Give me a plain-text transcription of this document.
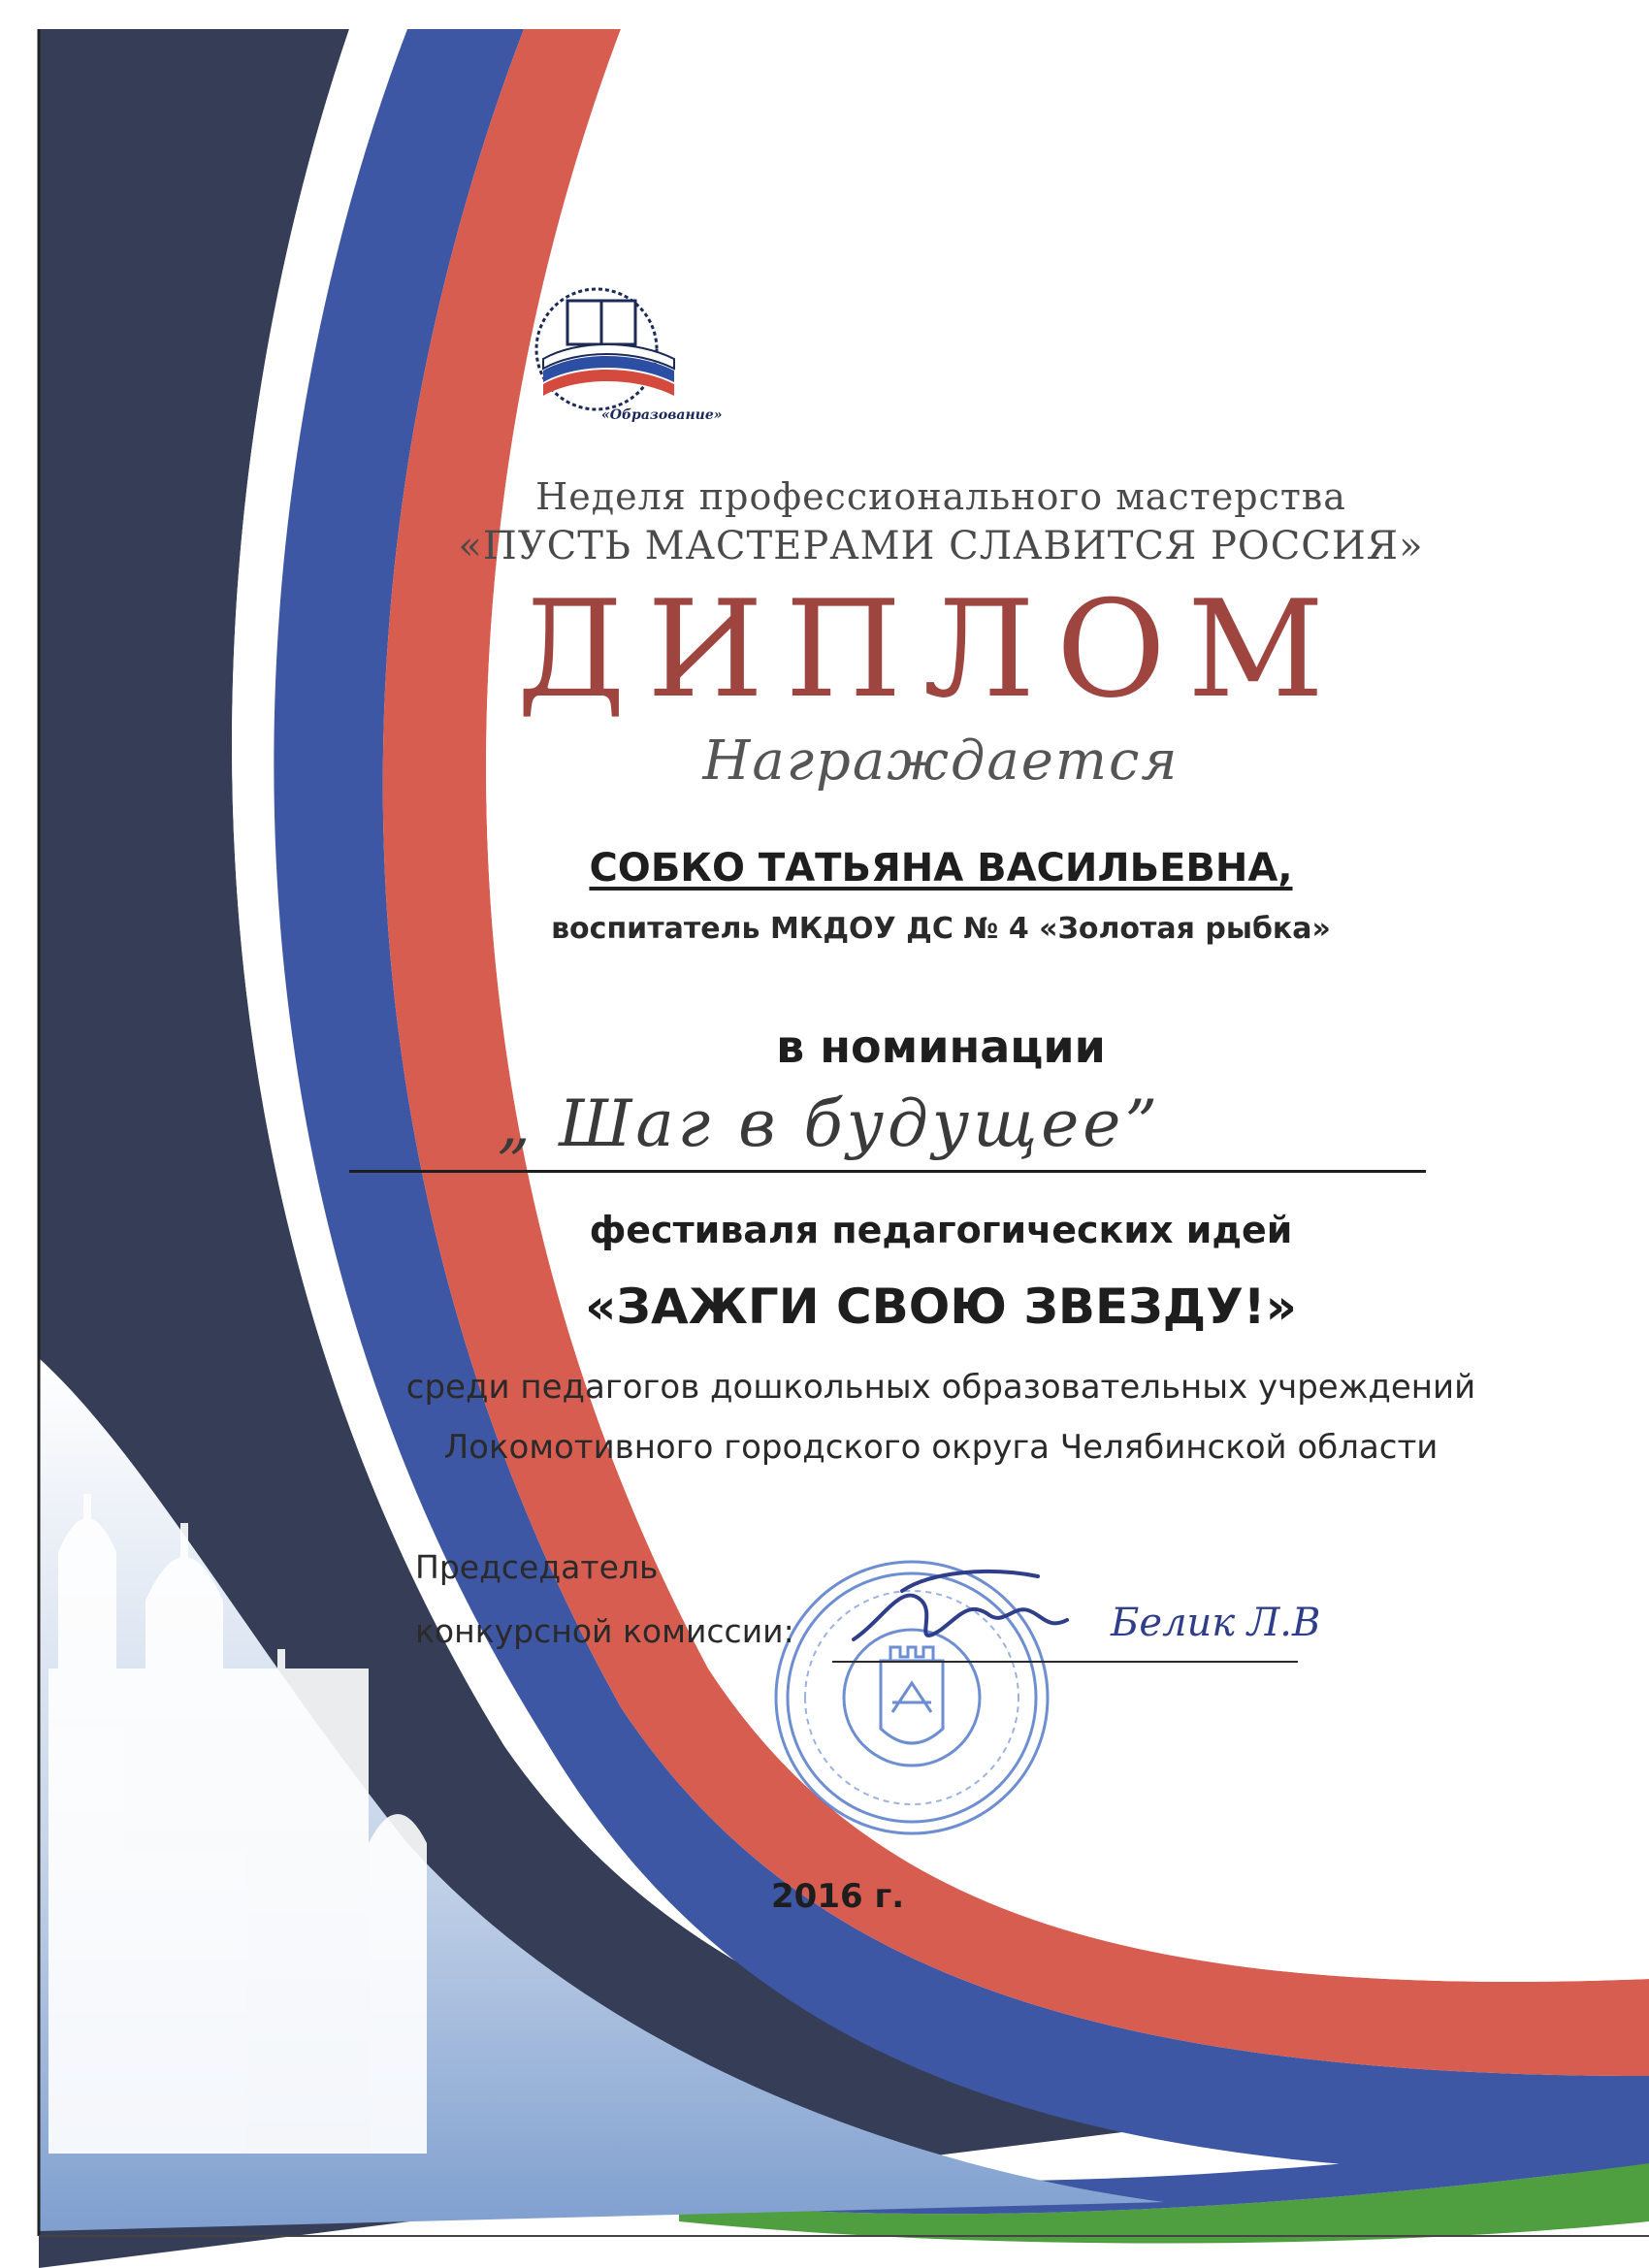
«Образование»
Неделя профессионального мастерства
«ПУСТЬ МАСТЕРАМИ СЛАВИТСЯ РОССИЯ»
ДИПЛОМ
Награждается
СОБКО ТАТЬЯНА ВАСИЛЬЕВНА,
воспитатель МКДОУ ДС № 4 «Золотая рыбка»
в номинации
„ Шаг в будущее”
фестиваля педагогических идей
«ЗАЖГИ СВОЮ ЗВЕЗДУ!»
среди педагогов дошкольных образовательных учреждений
Локомотивного городского округа Челябинской области
Председатель
конкурсной комиссии:	Белик Л.В
2016 г.
